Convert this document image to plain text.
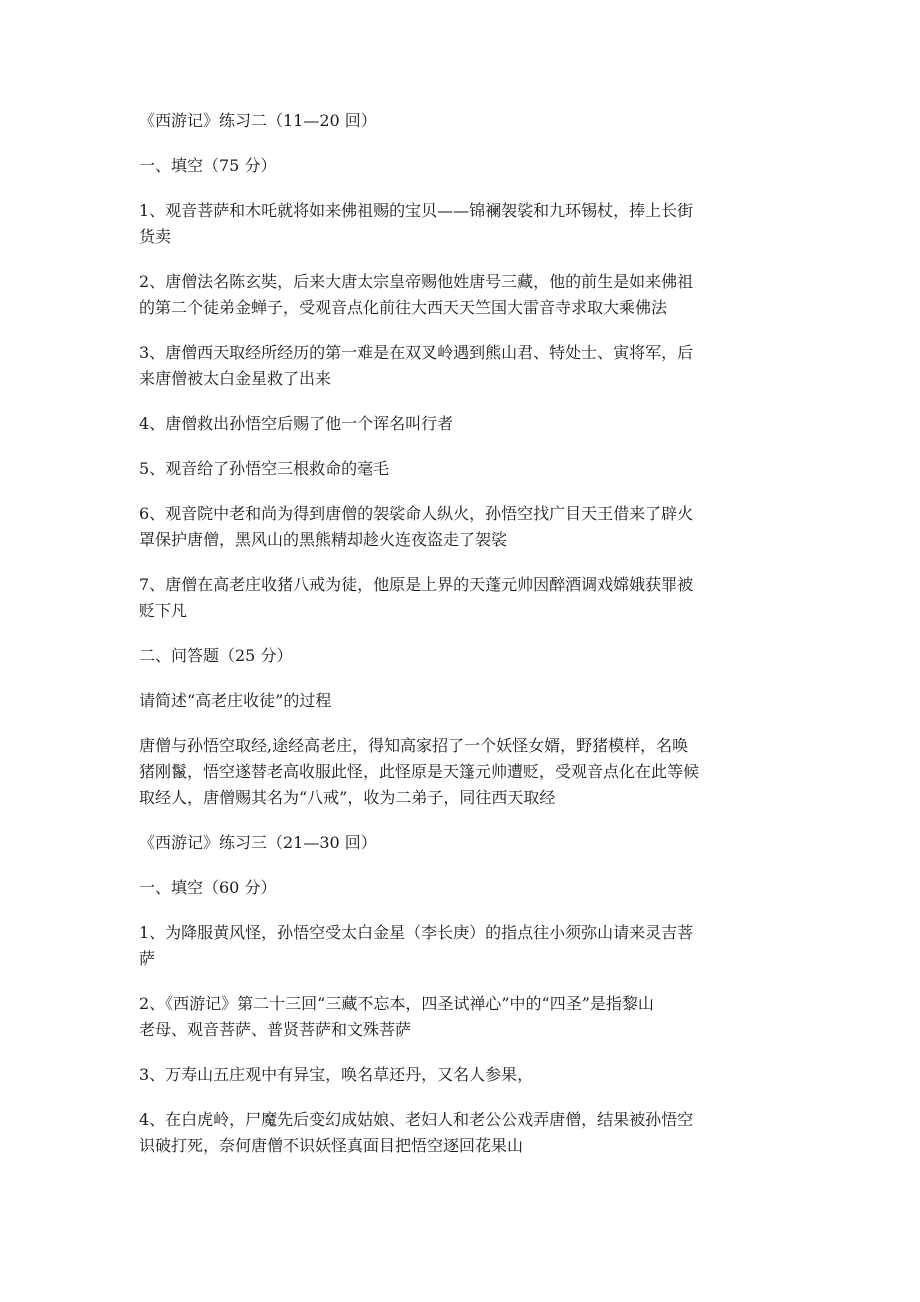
《西游记》练习二（11—20 回）
一、填空（75 分）
1、观音菩萨和木吒就将如来佛祖赐的宝贝——锦襕袈裟和九环锡杖，捧上长街
货卖
2、唐僧法名陈玄奘，后来大唐太宗皇帝赐他姓唐号三藏，他的前生是如来佛祖
的第二个徒弟金蝉子，受观音点化前往大西天天竺国大雷音寺求取大乘佛法
3、唐僧西天取经所经历的第一难是在双叉岭遇到熊山君、特处士、寅将军，后
来唐僧被太白金星救了出来
4、唐僧救出孙悟空后赐了他一个诨名叫行者
5、观音给了孙悟空三根救命的毫毛
6、观音院中老和尚为得到唐僧的袈裟命人纵火，孙悟空找广目天王借来了辟火
罩保护唐僧，黑风山的黑熊精却趁火连夜盗走了袈裟
7、唐僧在高老庄收猪八戒为徒，他原是上界的天蓬元帅因醉酒调戏嫦娥获罪被
贬下凡
二、问答题（25 分）
请简述“高老庄收徒”的过程
唐僧与孙悟空取经,途经高老庄，得知高家招了一个妖怪女婿，野猪模样，名唤
猪刚鬣，悟空遂替老高收服此怪，此怪原是天篷元帅遭贬，受观音点化在此等候
取经人，唐僧赐其名为“八戒”，收为二弟子，同往西天取经
《西游记》练习三（21—30 回）
一、填空（60 分）
1、为降服黄风怪，孙悟空受太白金星（李长庚）的指点往小须弥山请来灵吉菩
萨
2、《西游记》第二十三回“三藏不忘本，四圣试禅心”中的“四圣”是指黎山
老母、观音菩萨、普贤菩萨和文殊菩萨
3、万寿山五庄观中有异宝，唤名草还丹，又名人参果，
4、在白虎岭，尸魔先后变幻成姑娘、老妇人和老公公戏弄唐僧，结果被孙悟空
识破打死，奈何唐僧不识妖怪真面目把悟空逐回花果山
